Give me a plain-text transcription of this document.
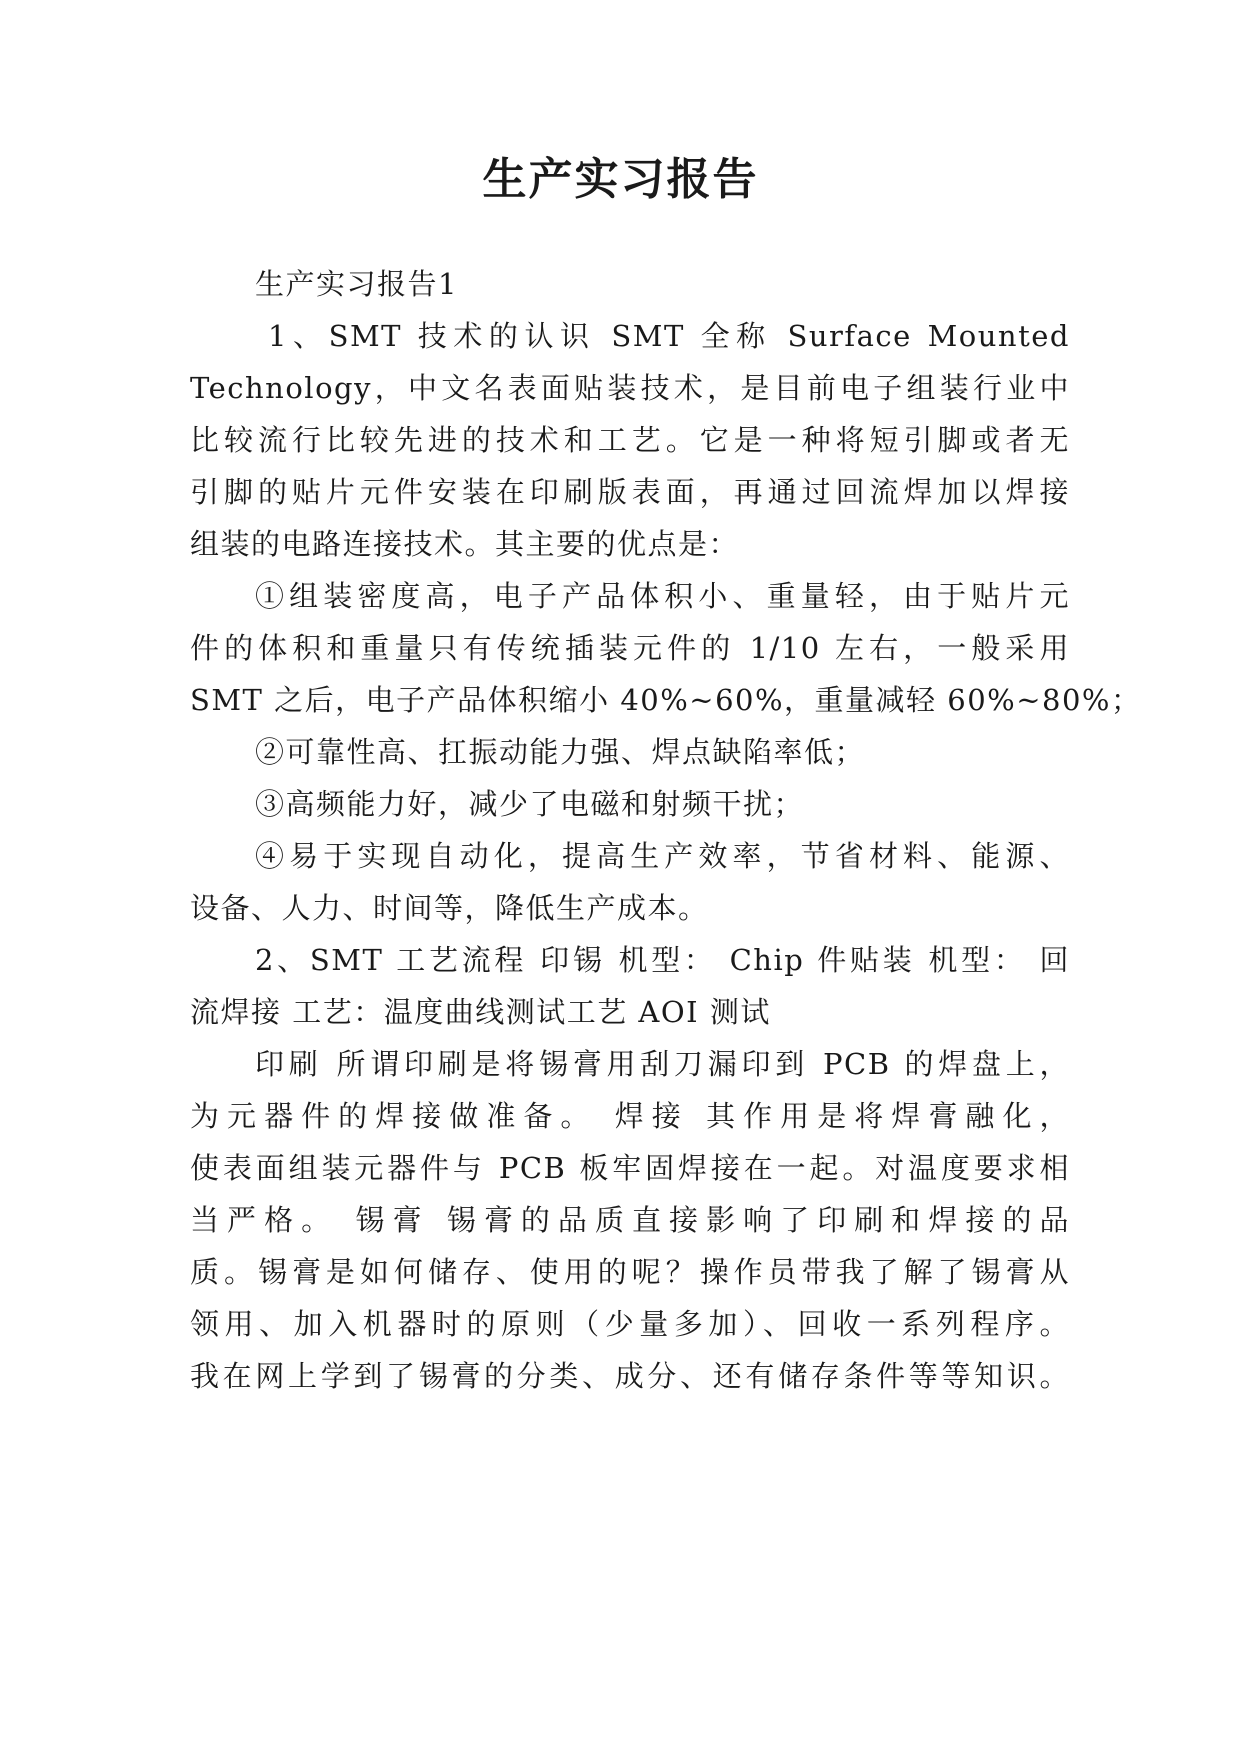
生产实习报告

生产实习报告1

1、SMT 技术的认识 SMT 全称 Surface Mounted

Technology，中文名表面贴装技术，是目前电子组装行业中

比较流行比较先进的技术和工艺。它是一种将短引脚或者无

引脚的贴片元件安装在印刷版表面，再通过回流焊加以焊接

组装的电路连接技术。其主要的优点是：

①组装密度高，电子产品体积小、重量轻，由于贴片元

件的体积和重量只有传统插装元件的 1/10 左右，一般采用

SMT 之后，电子产品体积缩小 40%~60%，重量减轻 60%~80%；

②可靠性高、扛振动能力强、焊点缺陷率低；

③高频能力好，减少了电磁和射频干扰；

④易于实现自动化，提高生产效率，节省材料、能源、

设备、人力、时间等，降低生产成本。

2、SMT 工艺流程 印锡 机型： Chip 件贴装 机型： 回

流焊接 工艺：温度曲线测试工艺 AOI 测试

印刷 所谓印刷是将锡膏用刮刀漏印到 PCB 的焊盘上，

为元器件的焊接做准备。 焊接 其作用是将焊膏融化，

使表面组装元器件与 PCB 板牢固焊接在一起。对温度要求相

当严格。 锡膏 锡膏的品质直接影响了印刷和焊接的品

质。锡膏是如何储存、使用的呢？操作员带我了解了锡膏从

领用、加入机器时的原则（少量多加）、回收一系列程序。

我在网上学到了锡膏的分类、成分、还有储存条件等等知识。
